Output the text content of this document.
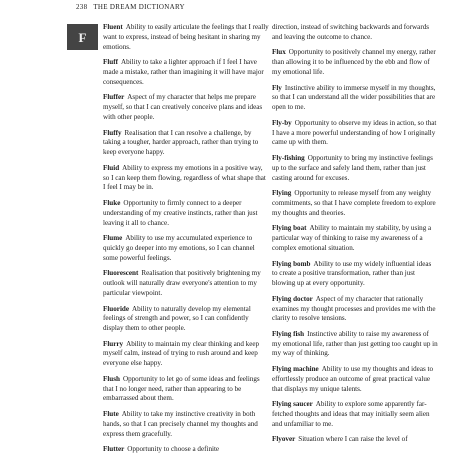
238 THE DREAM DICTIONARY
F

Fluent Ability to easily articulate the feelings that I really want to express, instead of being hesitant in sharing my emotions.

Fluff Ability to take a lighter approach if I feel I have made a mistake, rather than imagining it will have major consequences.

Fluffer Aspect of my character that helps me prepare myself, so that I can creatively conceive plans and ideas with other people.

Fluffy Realisation that I can resolve a challenge, by taking a tougher, harder approach, rather than trying to keep everyone happy.

Fluid Ability to express my emotions in a positive way, so I can keep them flowing, regardless of what shape that I feel I may be in.

Fluke Opportunity to firmly connect to a deeper understanding of my creative instincts, rather than just leaving it all to chance.

Flume Ability to use my accumulated experience to quickly go deeper into my emotions, so I can channel some powerful feelings.

Fluorescent Realisation that positively brightening my outlook will naturally draw everyone's attention to my particular viewpoint.

Fluoride Ability to naturally develop my elemental feelings of strength and power, so I can confidently display them to other people.

Flurry Ability to maintain my clear thinking and keep myself calm, instead of trying to rush around and keep everyone else happy.

Flush Opportunity to let go of some ideas and feelings that I no longer need, rather than appearing to be embarrassed about them.

Flute Ability to take my instinctive creativity in both hands, so that I can precisely channel my thoughts and express them gracefully.

Flutter Opportunity to choose a definite

direction, instead of switching backwards and forwards and leaving the outcome to chance.

Flux Opportunity to positively channel my energy, rather than allowing it to be influenced by the ebb and flow of my emotional life.

Fly Instinctive ability to immerse myself in my thoughts, so that I can understand all the wider possibilities that are open to me.

Fly-by Opportunity to observe my ideas in action, so that I have a more powerful understanding of how I originally came up with them.

Fly-fishing Opportunity to bring my instinctive feelings up to the surface and safely land them, rather than just casting around for excuses.

Flying Opportunity to release myself from any weighty commitments, so that I have complete freedom to explore my thoughts and theories.

Flying boat Ability to maintain my stability, by using a particular way of thinking to raise my awareness of a complex emotional situation.

Flying bomb Ability to use my widely influential ideas to create a positive transformation, rather than just blowing up at every opportunity.

Flying doctor Aspect of my character that rationally examines my thought processes and provides me with the clarity to resolve tensions.

Flying fish Instinctive ability to raise my awareness of my emotional life, rather than just getting too caught up in my way of thinking.

Flying machine Ability to use my thoughts and ideas to effortlessly produce an outcome of great practical value that displays my unique talents.

Flying saucer Ability to explore some apparently far-fetched thoughts and ideas that may initially seem alien and unfamiliar to me.

Flyover Situation where I can raise the level of
